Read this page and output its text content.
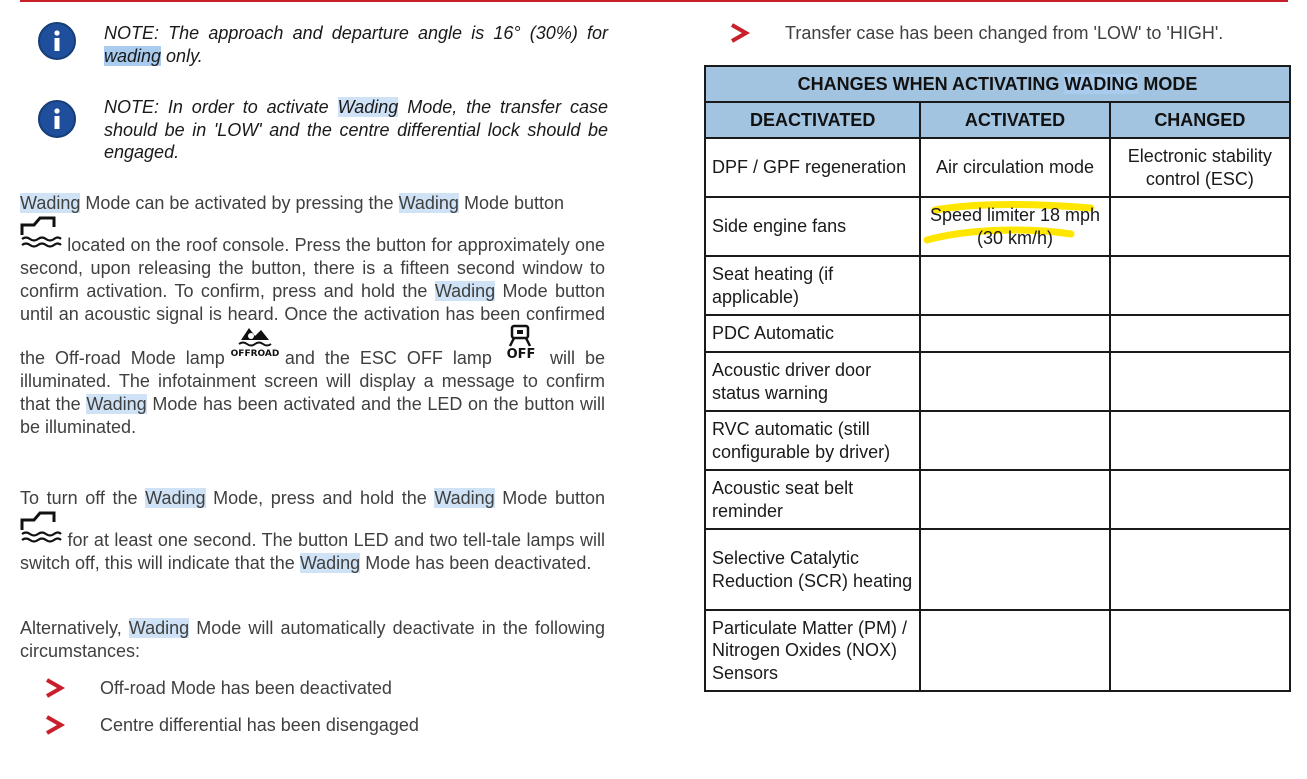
NOTE: The approach and departure angle is 16° (30%) for wading only.
NOTE: In order to activate Wading Mode, the transfer case should be in 'LOW' and the centre differential lock should be engaged.

Wading Mode can be activated by pressing the Wading Mode button
located on the roof console. Press the button for approximately one second, upon releasing the button, there is a fifteen second window to confirm activation. To confirm, press and hold the Wading Mode button until an acoustic signal is heard. Once the activation has been confirmed the Off-road Mode lamp
OFFROAD
and the ESC OFF lamp OFF will be illuminated. The infotainment screen will display a message to confirm that the Wading Mode has been activated and the LED on the button will be illuminated.

To turn off the Wading Mode, press and hold the Wading Mode button  for at least one second. The button LED and two tell-tale lamps will switch off, this will indicate that the Wading Mode has been deactivated.

Alternatively, Wading Mode will automatically deactivate in the following circumstances:

Off-road Mode has been deactivated
Centre differential has been disengaged
Transfer case has been changed from 'LOW' to 'HIGH'.
CHANGES WHEN ACTIVATING WADING MODE		
DEACTIVATED	ACTIVATED	CHANGED
DPF / GPF regeneration	Air circulation mode	Electronic stability control (ESC)
Side engine fans	Speed limiter 18 mph (30 km/h)	
Seat heating (if applicable)		
PDC Automatic		
Acoustic driver door status warning		
RVC automatic (still configurable by driver)		
Acoustic seat belt reminder		
Selective Catalytic Reduction (SCR) heating		
Particulate Matter (PM) / Nitrogen Oxides (NOX) Sensors		
